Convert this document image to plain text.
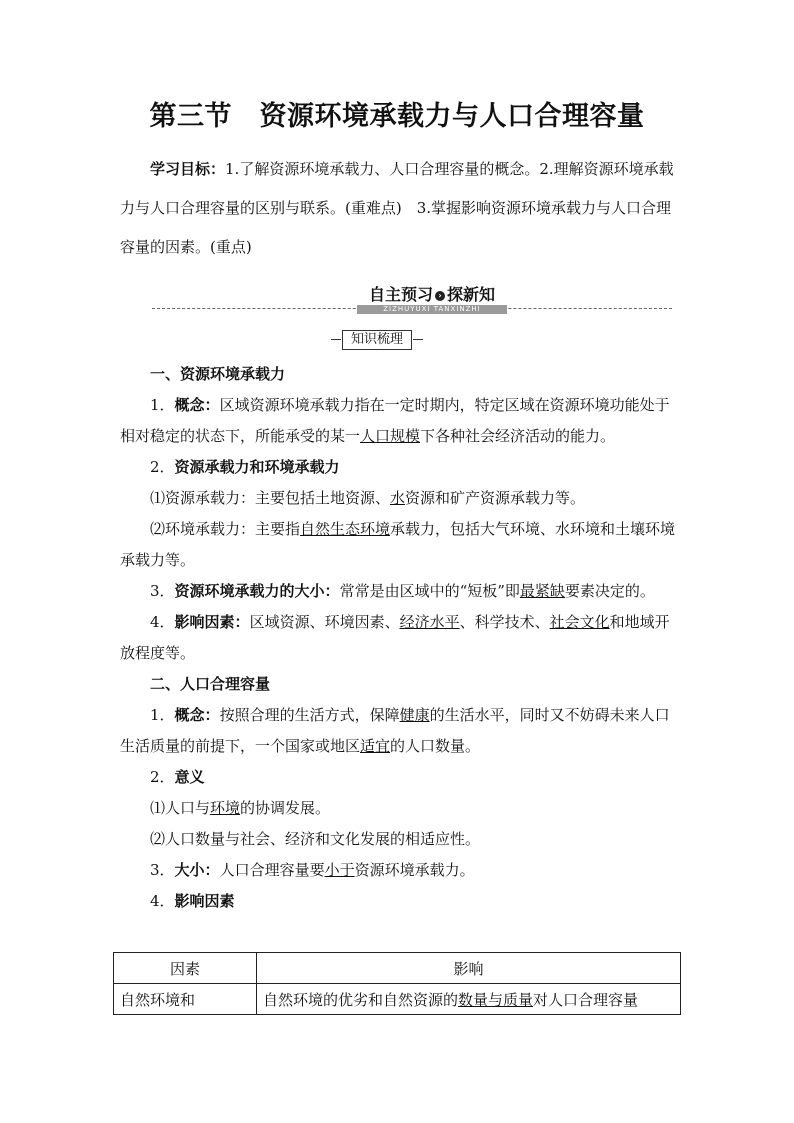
第三节　资源环境承载力与人口合理容量
学习目标：1.了解资源环境承载力、人口合理容量的概念。2.理解资源环境承载力与人口合理容量的区别与联系。(重难点)　3.掌握影响资源环境承载力与人口合理容量的因素。(重点)
自主预习 › 探新知
ZIZHUYUXI TANXINZHI
知识梳理

一、资源环境承载力

1．概念：区域资源环境承载力指在一定时期内，特定区域在资源环境功能处于相对稳定的状态下，所能承受的某一人口规模下各种社会经济活动的能力。

2．资源承载力和环境承载力

⑴资源承载力：主要包括土地资源、水资源和矿产资源承载力等。

⑵环境承载力：主要指自然生态环境承载力，包括大气环境、水环境和土壤环境承载力等。

3．资源环境承载力的大小：常常是由区域中的“短板”即最紧缺要素决定的。

4．影响因素：区域资源、环境因素、经济水平、科学技术、社会文化和地域开放程度等。

二、人口合理容量

1．概念：按照合理的生活方式，保障健康的生活水平，同时又不妨碍未来人口生活质量的前提下，一个国家或地区适宜的人口数量。

2．意义

⑴人口与环境的协调发展。

⑵人口数量与社会、经济和文化发展的相适应性。

3．大小：人口合理容量要小于资源环境承载力。

4．影响因素

因素	影响
自然环境和	自然环境的优劣和自然资源的数量与质量对人口合理容量
